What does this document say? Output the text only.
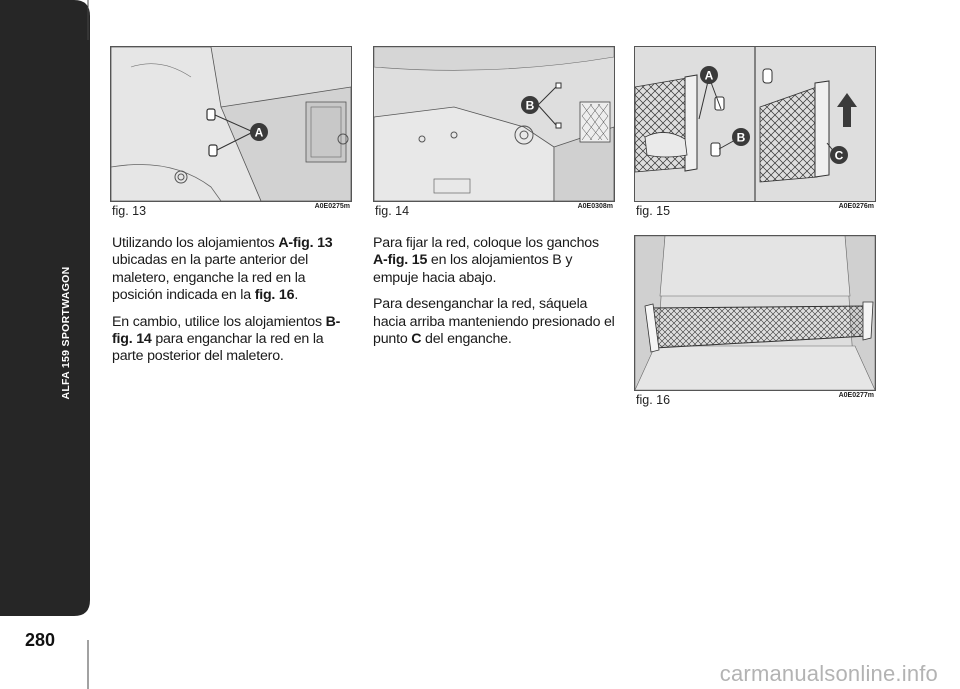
ALFA 159 SPORTWAGON
280
A
fig. 13	A0E0275m
B
fig. 14	A0E0308m
A
B
C
fig. 15	A0E0276m
fig. 16	A0E0277m

Utilizando los alojamientos A-fig. 13 ubicadas en la parte anterior del maletero, enganche la red en la posición indicada en la fig. 16.

En cambio, utilice los alojamientos B-fig. 14 para enganchar la red en la parte posterior del maletero.

Para fijar la red, coloque los ganchos A-fig. 15 en los alojamientos B y empuje hacia abajo.

Para desenganchar la red, sáquela hacia arriba manteniendo presionado el punto C del enganche.

carmanualsonline.info
